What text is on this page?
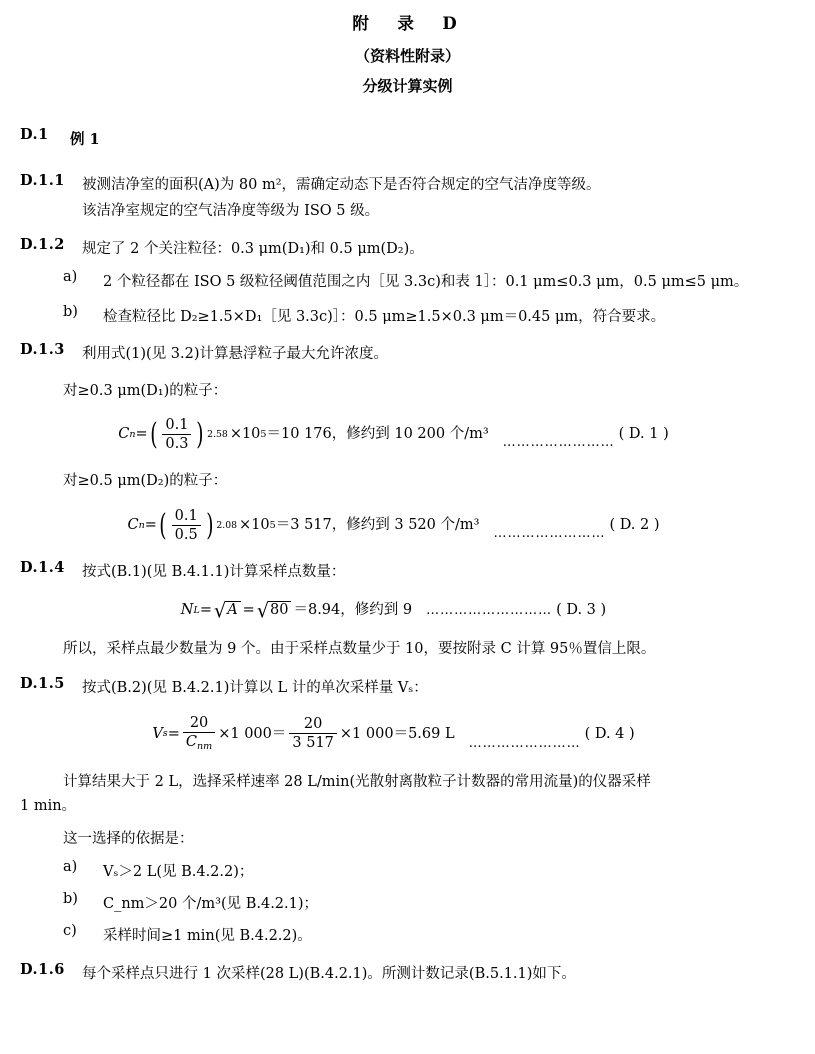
附　录　D
（资料性附录）
分级计算实例
D.1	例 1
D.1.1	被测洁净室的面积(A)为 80 m²，需确定动态下是否符合规定的空气洁净度等级。
该洁净室规定的空气洁净度等级为 ISO 5 级。
D.1.2	规定了 2 个关注粒径：0.3 μm(D₁)和 0.5 μm(D₂)。
a)	2 个粒径都在 ISO 5 级粒径阈值范围之内［见 3.3c)和表 1］：0.1 μm≤0.3 μm，0.5 μm≤5 μm。
b)	检查粒径比 D₂≥1.5×D₁［见 3.3c)］：0.5 μm≥1.5×0.3 μm＝0.45 μm，符合要求。
D.1.3	利用式(1)(见 3.2)计算悬浮粒子最大允许浓度。
对≥0.3 μm(D₁)的粒子：
C n = ( $\frac{0.1}{0.3}$ ) 2.58 ×10 5 ＝10 176，修约到 10 200 个/m³
……………………
( D. 1 )
对≥0.5 μm(D₂)的粒子：
C n = ( $\frac{0.1}{0.5}$ ) 2.08 ×10 5 ＝3 517，修约到 3 520 个/m³
……………………
( D. 2 )
D.1.4	按式(B.1)(见 B.4.1.1)计算采样点数量：
N L = √ A = √ 80 ＝8.94，修约到 9 ……………………… ( D. 3 )
所以，采样点最少数量为 9 个。由于采样点数量少于 10，要按附录 C 计算 95％置信上限。
D.1.5	按式(B.2)(见 B.4.2.1)计算以 L 计的单次采样量 Vₛ：
V $s = \frac{20}{C_{nm}} \times 1$ $000= \frac{20}{3 517} \times 1$ 000＝5.69 L
……………………
( D. 4 )
计算结果大于 2 L，选择采样速率 28 L/min(光散射离散粒子计数器的常用流量)的仪器采样
1 min。
这一选择的依据是：
a)	Vₛ＞2 L(见 B.4.2.2)；
b)	C_nm＞20 个/m³(见 B.4.2.1)；
c)	采样时间≥1 min(见 B.4.2.2)。
D.1.6	每个采样点只进行 1 次采样(28 L)(B.4.2.1)。所测计数记录(B.5.1.1)如下。
